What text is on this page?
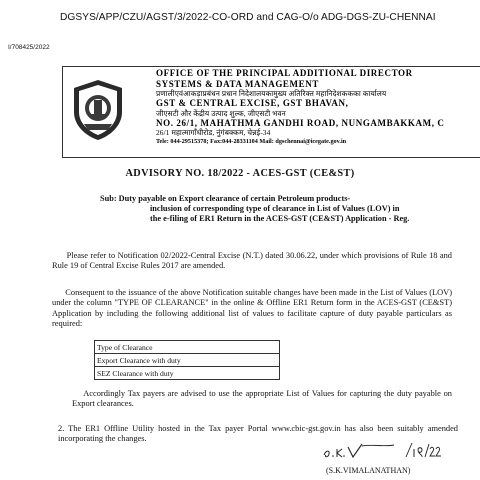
DGSYS/APP/CZU/AGST/3/2022-CO-ORD and CAG-O/o ADG-DGS-ZU-CHENNAI
I/708425/2022
OFFICE OF THE PRINCIPAL ADDITIONAL DIRECTOR
SYSTEMS & DATA MANAGEMENT
प्रणालीएवंआकड़ाप्रबंधन प्रधान निदेशालयकामुख्य अतिरिक्त महानिदेशककका कार्यालय
GST & CENTRAL EXCISE, GST BHAVAN,
जीएसटी और केंद्रीय उत्पाद शुल्क, जीएसटी भवन
NO. 26/1, MAHATHMA GANDHI ROAD, NUNGAMBAKKAM, C
26/1 महात्मागाँधीरोड, नुंगंबक्कम, चेन्नई-34
Tele: 044-29515378; Fax:044-28331104 Mail: dgschennai@icegate.gov.in
ADVISORY NO. 18/2022 - ACES-GST (CE&ST)
Sub: Duty payable on Export clearance of certain Petroleum products-
inclusion of corresponding type of clearance in List of Values (LOV) in
the e-filing of ER1 Return in the ACES-GST (CE&ST) Application - Reg.
Please refer to Notification 02/2022-Central Excise (N.T.) dated 30.06.22, under which provisions of Rule 18 and Rule 19 of Central Excise Rules 2017 are amended.
Consequent to the issuance of the above Notification suitable changes have been made in the List of Values (LOV) under the column "TYPE OF CLEARANCE" in the online & Offline ER1 Return form in the ACES-GST (CE&ST) Application by including the following additional list of values to facilitate capture of duty payable particulars as required:
Type of Clearance
Export Clearance with duty
SEZ Clearance with duty
Accordingly Tax payers are advised to use the appropriate List of Values for capturing the duty payable on Export clearances.
2. The ER1 Offline Utility hosted in the Tax payer Portal www.cbic-gst.gov.in has also been suitably amended incorporating the changes.
(S.K.VIMALANATHAN)
